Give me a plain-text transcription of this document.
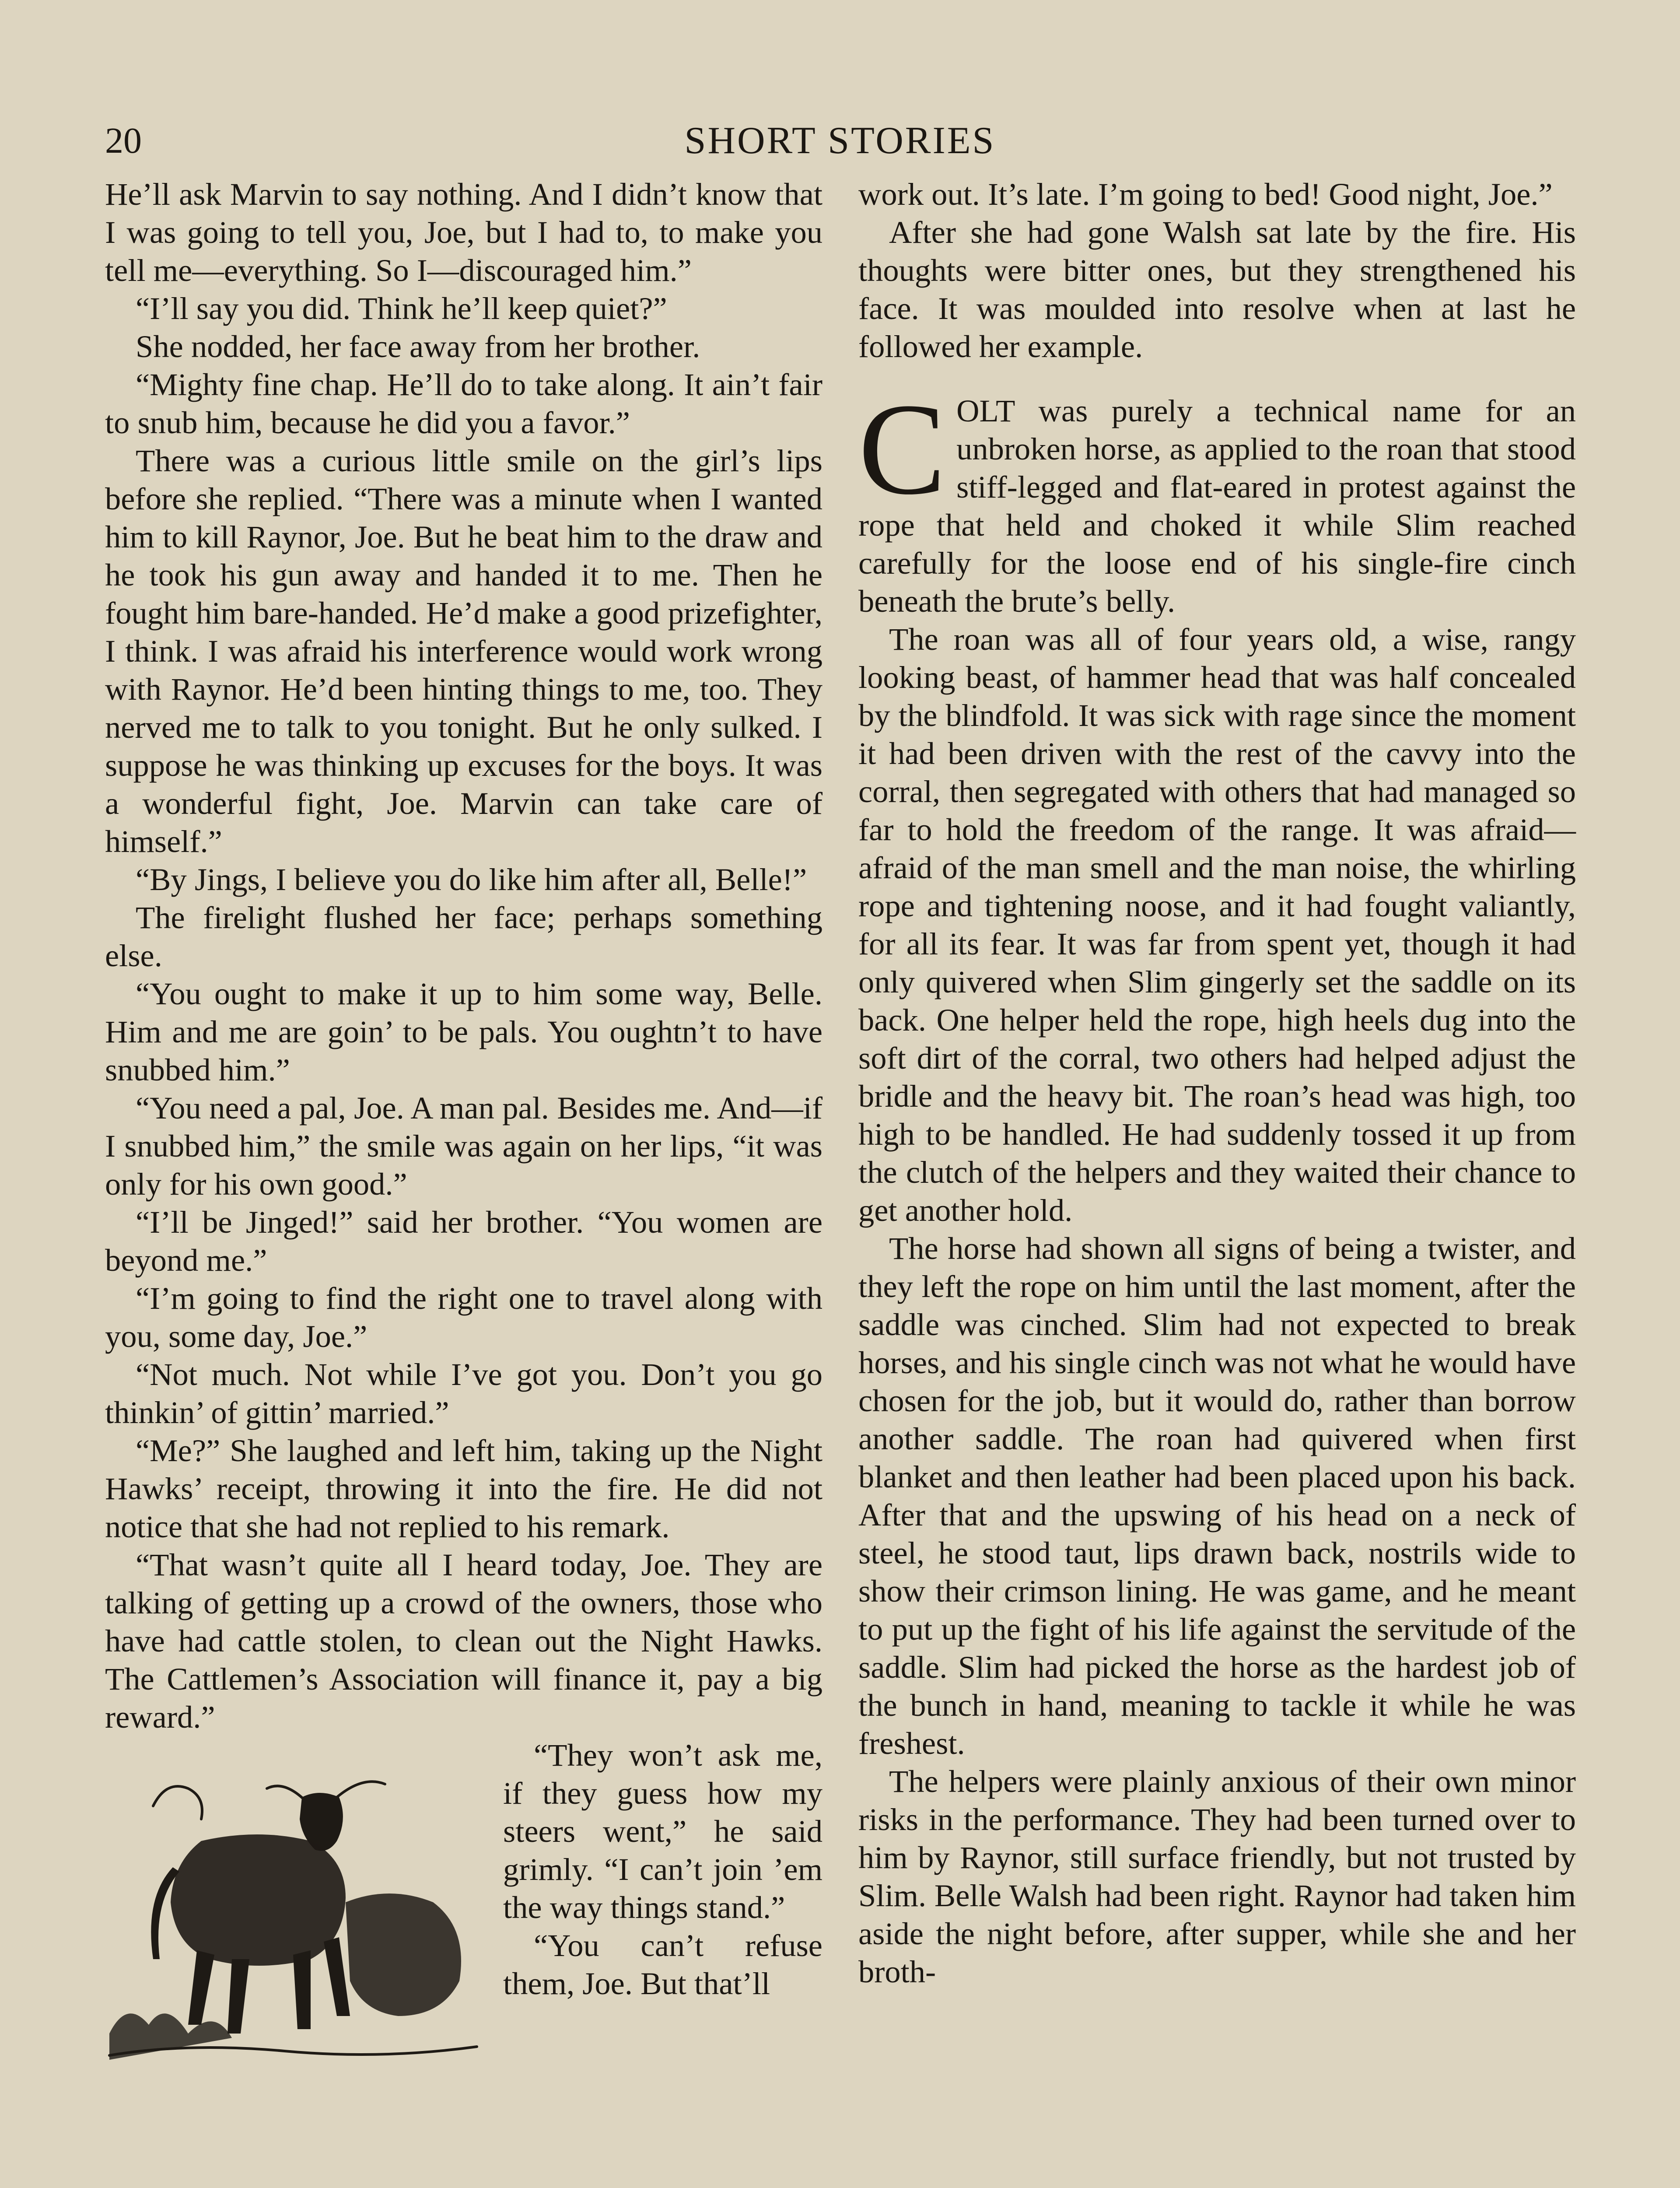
20	SHORT STORIES

He’ll ask Marvin to say nothing. And I didn’t know that I was going to tell you, Joe, but I had to, to make you tell me—everything. So I—discouraged him.”

“I’ll say you did. Think he’ll keep quiet?”

She nodded, her face away from her brother.

“Mighty fine chap. He’ll do to take along. It ain’t fair to snub him, because he did you a favor.”

There was a curious little smile on the girl’s lips before she replied. “There was a minute when I wanted him to kill Raynor, Joe. But he beat him to the draw and he took his gun away and handed it to me. Then he fought him bare-handed. He’d make a good prizefighter, I think. I was afraid his interference would work wrong with Raynor. He’d been hinting things to me, too. They nerved me to talk to you tonight. But he only sulked. I suppose he was thinking up excuses for the boys. It was a wonderful fight, Joe. Marvin can take care of himself.”

“By Jings, I believe you do like him after all, Belle!”

The firelight flushed her face; perhaps something else.

“You ought to make it up to him some way, Belle. Him and me are goin’ to be pals. You oughtn’t to have snubbed him.”

“You need a pal, Joe. A man pal. Besides me. And—if I snubbed him,” the smile was again on her lips, “it was only for his own good.”

“I’ll be Jinged!” said her brother. “You women are beyond me.”

“I’m going to find the right one to travel along with you, some day, Joe.”

“Not much. Not while I’ve got you. Don’t you go thinkin’ of gittin’ married.”

“Me?” She laughed and left him, taking up the Night Hawks’ receipt, throwing it into the fire. He did not notice that she had not replied to his remark.

“That wasn’t quite all I heard today, Joe. They are talking of getting up a crowd of the owners, those who have had cattle stolen, to clean out the Night Hawks. The Cattlemen’s Association will finance it, pay a big reward.”

“They won’t ask me, if they guess how my steers went,” he said grimly. “I can’t join ’em the way things stand.”

“You can’t refuse them, Joe. But that’ll

work out. It’s late. I’m going to bed! Good night, Joe.”

After she had gone Walsh sat late by the fire. His thoughts were bitter ones, but they strengthened his face. It was moulded into resolve when at last he followed her example.

COLT was purely a technical name for an unbroken horse, as applied to the roan that stood stiff-legged and flat-eared in protest against the rope that held and choked it while Slim reached carefully for the loose end of his single-fire cinch beneath the brute’s belly.

The roan was all of four years old, a wise, rangy looking beast, of hammer head that was half concealed by the blindfold. It was sick with rage since the moment it had been driven with the rest of the cavvy into the corral, then segregated with others that had managed so far to hold the freedom of the range. It was afraid—afraid of the man smell and the man noise, the whirling rope and tightening noose, and it had fought valiantly, for all its fear. It was far from spent yet, though it had only quivered when Slim gingerly set the saddle on its back. One helper held the rope, high heels dug into the soft dirt of the corral, two others had helped adjust the bridle and the heavy bit. The roan’s head was high, too high to be handled. He had suddenly tossed it up from the clutch of the helpers and they waited their chance to get another hold.

The horse had shown all signs of being a twister, and they left the rope on him until the last moment, after the saddle was cinched. Slim had not expected to break horses, and his single cinch was not what he would have chosen for the job, but it would do, rather than borrow another saddle. The roan had quivered when first blanket and then leather had been placed upon his back. After that and the upswing of his head on a neck of steel, he stood taut, lips drawn back, nostrils wide to show their crimson lining. He was game, and he meant to put up the fight of his life against the servitude of the saddle. Slim had picked the horse as the hardest job of the bunch in hand, meaning to tackle it while he was freshest.

The helpers were plainly anxious of their own minor risks in the performance. They had been turned over to him by Raynor, still surface friendly, but not trusted by Slim. Belle Walsh had been right. Raynor had taken him aside the night before, after supper, while she and her broth-
